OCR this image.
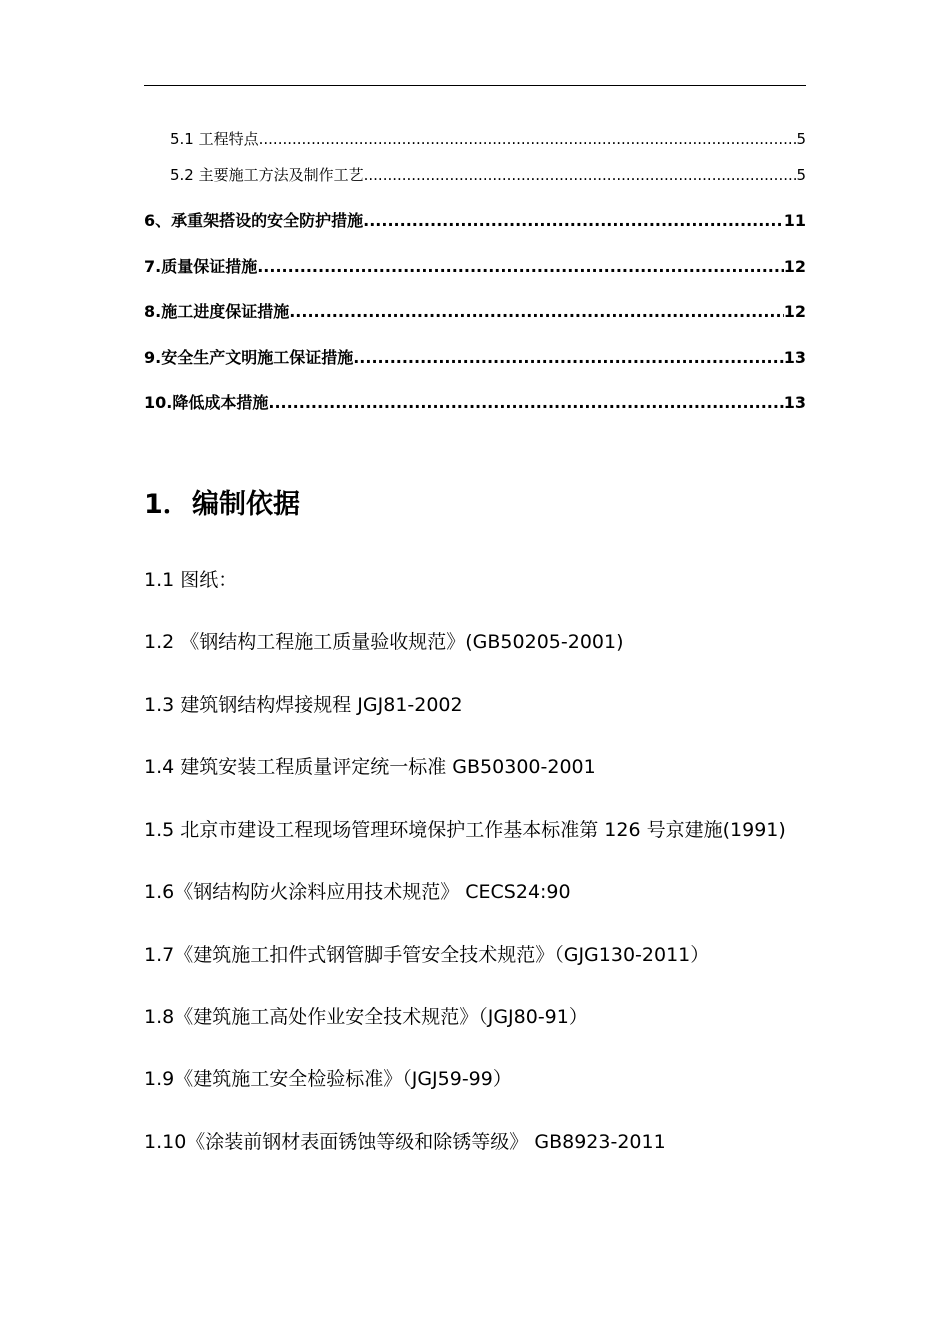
5.1 工程特点 .....	5
5.2 主要施工方法及制作工艺 .....	5
6、承重架搭设的安全防护措施 .....	11
7.质量保证措施 .....	12
8.施工进度保证措施 .....	12
9.安全生产文明施工保证措施 .....	13
10.降低成本措施 .....	13
1．编制依据
1.1 图纸：
1.2 《钢结构工程施工质量验收规范》(GB50205-2001)
1.3 建筑钢结构焊接规程 JGJ81-2002
1.4 建筑安装工程质量评定统一标准 GB50300-2001
1.5 北京市建设工程现场管理环境保护工作基本标准第 126 号京建施(1991)
1.6《钢结构防火涂料应用技术规范》 CECS24:90
1.7《建筑施工扣件式钢管脚手管安全技术规范》（GJG130-2011）
1.8《建筑施工高处作业安全技术规范》（JGJ80-91）
1.9《建筑施工安全检验标准》（JGJ59-99）
1.10《涂装前钢材表面锈蚀等级和除锈等级》 GB8923-2011
